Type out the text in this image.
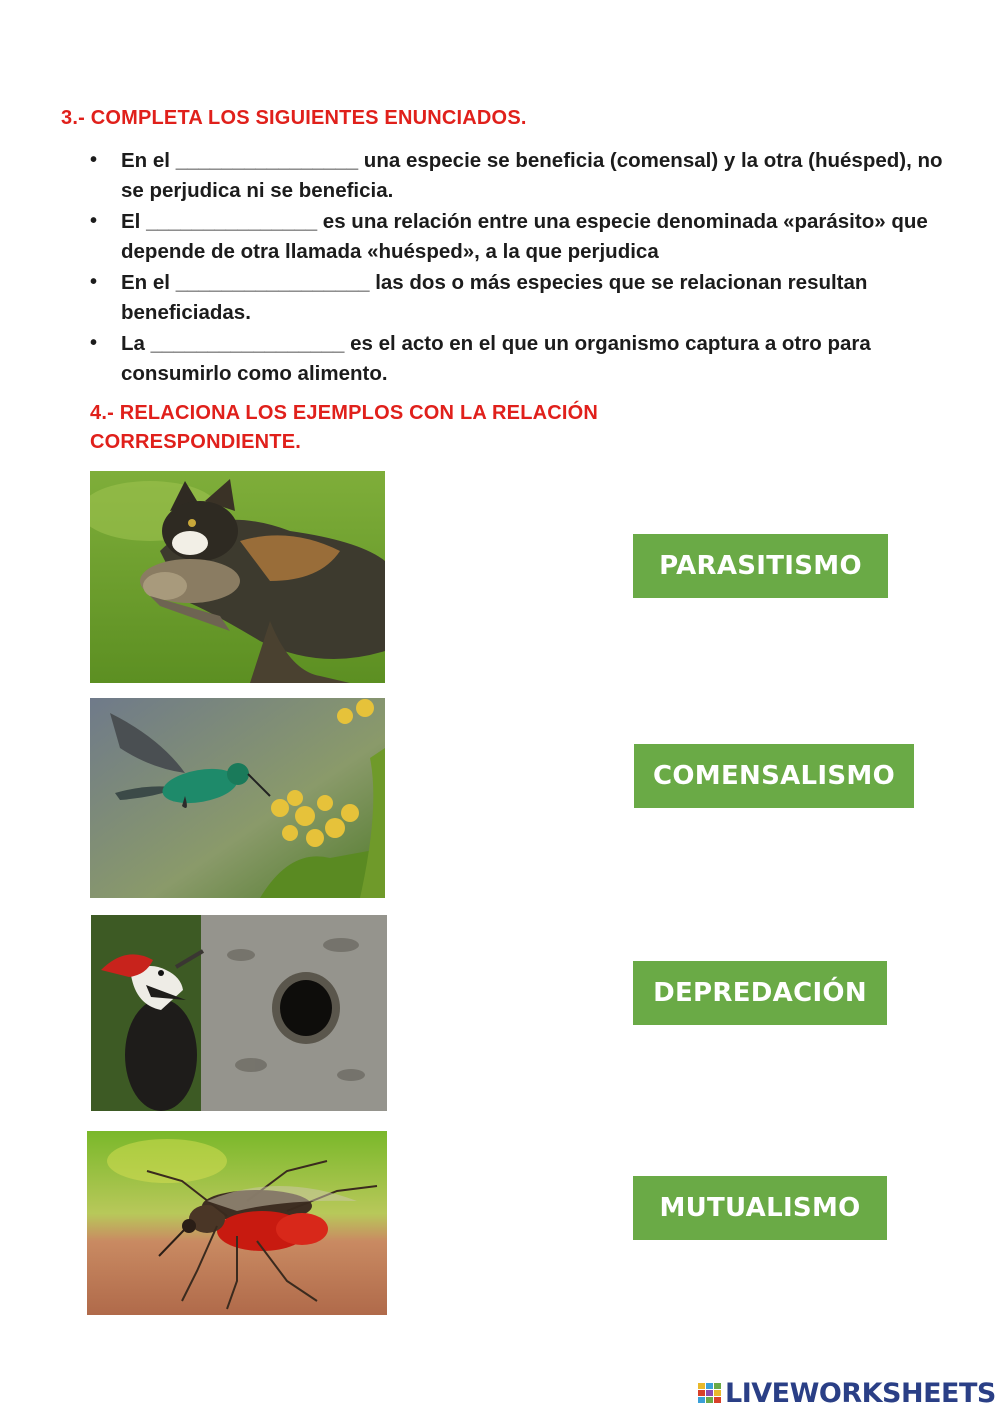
3.- COMPLETA LOS SIGUIENTES ENUNCIADOS.
• En el ________________ una especie se beneficia (comensal) y la otra (huésped), no se perjudica ni se beneficia.
• El _______________ es una relación entre una especie denominada «parásito» que depende de otra llamada «huésped», a la que perjudica
• En el _________________ las dos o más especies que se relacionan resultan beneficiadas.
• La _________________ es el acto en el que un organismo captura a otro para consumirlo como alimento.
4.- RELACIONA LOS EJEMPLOS CON LA RELACIÓN CORRESPONDIENTE.
PARASITISMO
COMENSALISMO
DEPREDACIÓN
MUTUALISMO
LIVEWORKSHEETS
